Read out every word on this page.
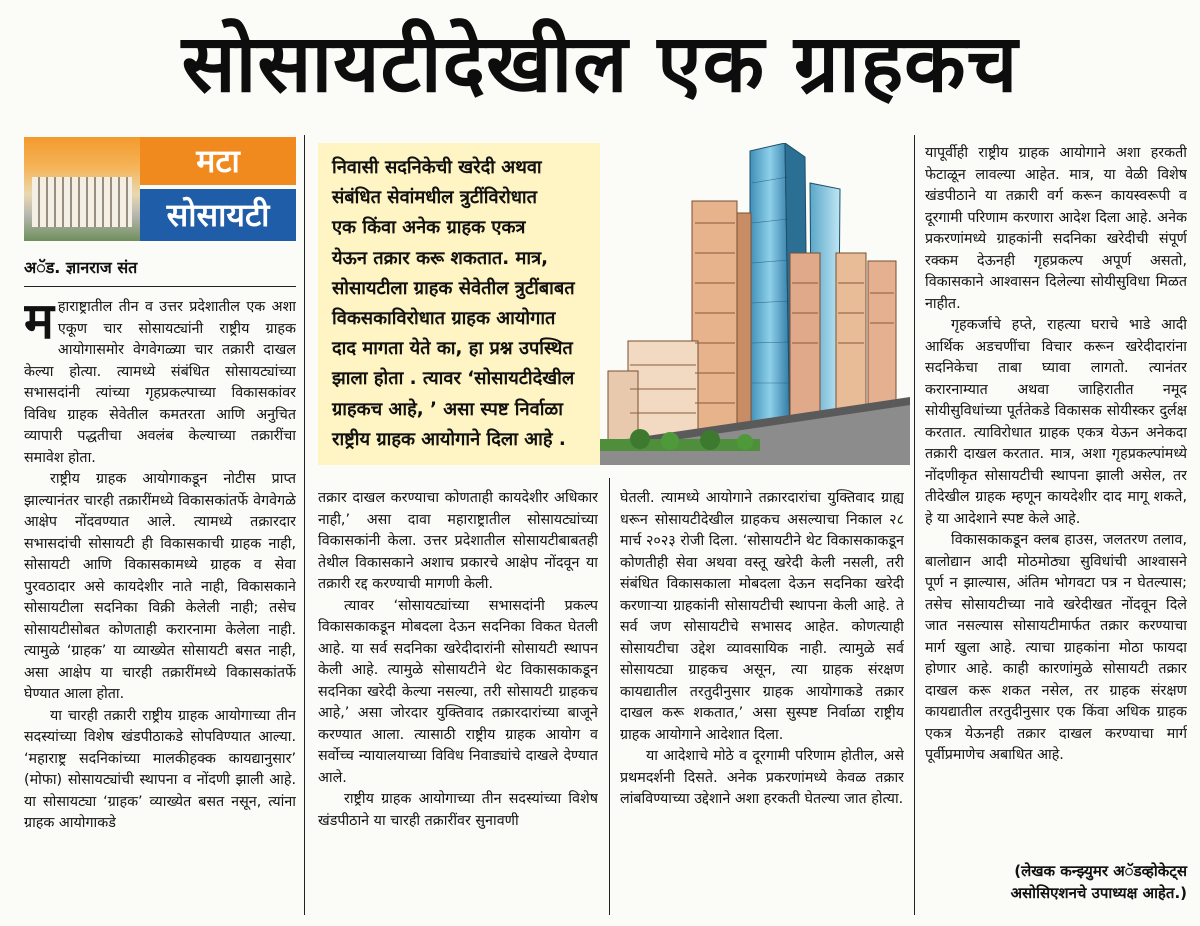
सोसायटीदेखील एक ग्राहकच
मटा
सोसायटी
अॅड. ज्ञानराज संत
निवासी सदनिकेची खरेदी अथवा
संबंधित सेवांमधील त्रुटींविरोधात
एक किंवा अनेक ग्राहक एकत्र
येऊन तक्रार करू शकतात. मात्र,
सोसायटीला ग्राहक सेवेतील त्रुटींबाबत
विकसकाविरोधात ग्राहक आयोगात
दाद मागता येते का, हा प्रश्न उपस्थित
झाला होता . त्यावर ‘सोसायटीदेखील
ग्राहकच आहे, ’ असा स्पष्ट निर्वाळा
राष्ट्रीय ग्राहक आयोगाने दिला आहे .

महाराष्ट्रातील तीन व उत्तर प्रदेशातील एक अशा एकूण चार सोसायट्यांनी राष्ट्रीय ग्राहक आयोगासमोर वेगवेगळ्या चार तक्रारी दाखल केल्या होत्या. त्यामध्ये संबंधित सोसायट्यांच्या सभासदांनी त्यांच्या गृहप्रकल्पाच्या विकासकांवर विविध ग्राहक सेवेतील कमतरता आणि अनुचित व्यापारी पद्धतीचा अवलंब केल्याच्या तक्रारींचा समावेश होता.

राष्ट्रीय ग्राहक आयोगाकडून नोटीस प्राप्त झाल्यानंतर चारही तक्रारींमध्ये विकासकांतर्फे वेगवेगळे आक्षेप नोंदवण्यात आले. त्यामध्ये तक्रारदार सभासदांची सोसायटी ही विकासकाची ग्राहक नाही, सोसायटी आणि विकासकामध्ये ग्राहक व सेवा पुरवठादार असे कायदेशीर नाते नाही, विकासकाने सोसायटीला सदनिका विक्री केलेली नाही; तसेच सोसायटीसोबत कोणताही करारनामा केलेला नाही. त्यामुळे ‘ग्राहक’ या व्याख्येत सोसायटी बसत नाही, असा आक्षेप या चारही तक्रारींमध्ये विकासकांतर्फे घेण्यात आला होता.

या चारही तक्रारी राष्ट्रीय ग्राहक आयोगाच्या तीन सदस्यांच्या विशेष खंडपीठाकडे सोपविण्यात आल्या. ‘महाराष्ट्र सदनिकांच्या मालकीहक्क कायद्यानुसार’ (मोफा) सोसायट्यांची स्थापना व नोंदणी झाली आहे. या सोसायट्या ‘ग्राहक’ व्याख्येत बसत नसून, त्यांना ग्राहक आयोगाकडे

तक्रार दाखल करण्याचा कोणताही कायदेशीर अधिकार नाही,’ असा दावा महाराष्ट्रातील सोसायट्यांच्या विकासकांनी केला. उत्तर प्रदेशातील सोसायटीबाबतही तेथील विकासकाने अशाच प्रकारचे आक्षेप नोंदवून या तक्रारी रद्द करण्याची मागणी केली.

त्यावर ‘सोसायट्यांच्या सभासदांनी प्रकल्प विकासकाकडून मोबदला देऊन सदनिका विकत घेतली आहे. या सर्व सदनिका खरेदीदारांनी सोसायटी स्थापन केली आहे. त्यामुळे सोसायटीने थेट विकासकाकडून सदनिका खरेदी केल्या नसल्या, तरी सोसायटी ग्राहकच आहे,’ असा जोरदार युक्तिवाद तक्रारदारांच्या बाजूने करण्यात आला. त्यासाठी राष्ट्रीय ग्राहक आयोग व सर्वोच्च न्यायालयाच्या विविध निवाड्यांचे दाखले देण्यात आले.

राष्ट्रीय ग्राहक आयोगाच्या तीन सदस्यांच्या विशेष खंडपीठाने या चारही तक्रारींवर सुनावणी

घेतली. त्यामध्ये आयोगाने तक्रारदारांचा युक्तिवाद ग्राह्य धरून सोसायटीदेखील ग्राहकच असल्याचा निकाल २८ मार्च २०२३ रोजी दिला. ‘सोसायटीने थेट विकासकाकडून कोणतीही सेवा अथवा वस्तू खरेदी केली नसली, तरी संबंधित विकासकाला मोबदला देऊन सदनिका खरेदी करणाऱ्या ग्राहकांनी सोसायटीची स्थापना केली आहे. ते सर्व जण सोसायटीचे सभासद आहेत. कोणत्याही सोसायटीचा उद्देश व्यावसायिक नाही. त्यामुळे सर्व सोसायट्या ग्राहकच असून, त्या ग्राहक संरक्षण कायद्यातील तरतुदीनुसार ग्राहक आयोगाकडे तक्रार दाखल करू शकतात,’ असा सुस्पष्ट निर्वाळा राष्ट्रीय ग्राहक आयोगाने आदेशात दिला.

या आदेशाचे मोठे व दूरगामी परिणाम होतील, असे प्रथमदर्शनी दिसते. अनेक प्रकरणांमध्ये केवळ तक्रार लांबविण्याच्या उद्देशाने अशा हरकती घेतल्या जात होत्या.

यापूर्वीही राष्ट्रीय ग्राहक आयोगाने अशा हरकती फेटाळून लावल्या आहेत. मात्र, या वेळी विशेष खंडपीठाने या तक्रारी वर्ग करून कायस्वरूपी व दूरगामी परिणाम करणारा आदेश दिला आहे. अनेक प्रकरणांमध्ये ग्राहकांनी सदनिका खरेदीची संपूर्ण रक्कम देऊनही गृहप्रकल्प अपूर्ण असतो, विकासकाने आश्वासन दिलेल्या सोयीसुविधा मिळत नाहीत.

गृहकर्जाचे हप्ते, राहत्या घराचे भाडे आदी आर्थिक अडचणींचा विचार करून खरेदीदारांना सदनिकेचा ताबा घ्यावा लागतो. त्यानंतर करारनाम्यात अथवा जाहिरातीत नमूद सोयीसुविधांच्या पूर्ततेकडे विकासक सोयीस्कर दुर्लक्ष करतात. त्याविरोधात ग्राहक एकत्र येऊन अनेकदा तक्रारी दाखल करतात. मात्र, अशा गृहप्रकल्पांमध्ये नोंदणीकृत सोसायटीची स्थापना झाली असेल, तर तीदेखील ग्राहक म्हणून कायदेशीर दाद मागू शकते, हे या आदेशाने स्पष्ट केले आहे.

विकासकाकडून क्लब हाउस, जलतरण तलाव, बालोद्यान आदी मोठमोठ्या सुविधांची आश्वासने पूर्ण न झाल्यास, अंतिम भोगवटा पत्र न घेतल्यास; तसेच सोसायटीच्या नावे खरेदीखत नोंदवून दिले जात नसल्यास सोसायटीमार्फत तक्रार करण्याचा मार्ग खुला आहे. त्याचा ग्राहकांना मोठा फायदा होणार आहे. काही कारणांमुळे सोसायटी तक्रार दाखल करू शकत नसेल, तर ग्राहक संरक्षण कायद्यातील तरतुदीनुसार एक किंवा अधिक ग्राहक एकत्र येऊनही तक्रार दाखल करण्याचा मार्ग पूर्वीप्रमाणेच अबाधित आहे.

(लेखक कन्झ्युमर अॅडव्होकेट्स असोसिएशनचे उपाध्यक्ष आहेत.)
